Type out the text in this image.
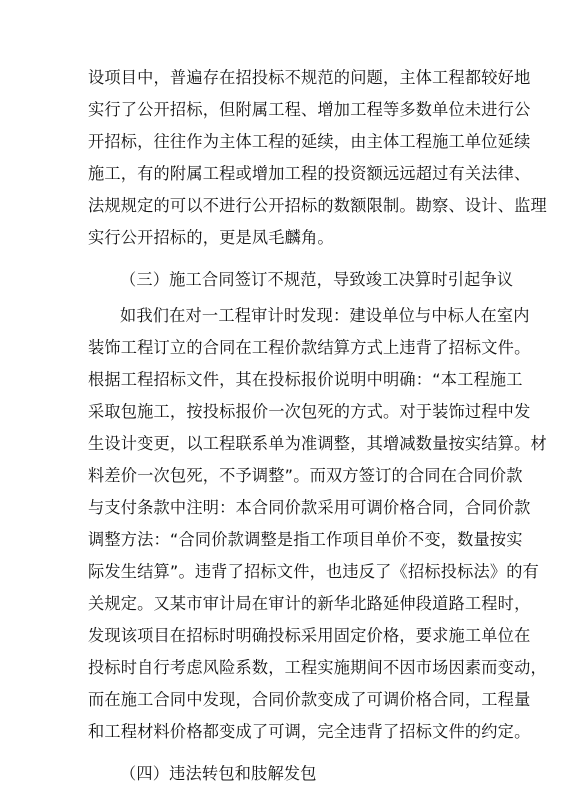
设项目中，普遍存在招投标不规范的问题，主体工程都较好地
实行了公开招标，但附属工程、增加工程等多数单位未进行公
开招标，往往作为主体工程的延续，由主体工程施工单位延续
施工，有的附属工程或增加工程的投资额远远超过有关法律、
法规规定的可以不进行公开招标的数额限制。勘察、设计、监理
实行公开招标的，更是凤毛麟角。
（三）施工合同签订不规范，导致竣工决算时引起争议
如我们在对一工程审计时发现：建设单位与中标人在室内
装饰工程订立的合同在工程价款结算方式上违背了招标文件。
根据工程招标文件，其在投标报价说明中明确：“本工程施工
采取包施工，按投标报价一次包死的方式。对于装饰过程中发
生设计变更，以工程联系单为准调整，其增减数量按实结算。材
料差价一次包死，不予调整”。而双方签订的合同在合同价款
与支付条款中注明：本合同价款采用可调价格合同，合同价款
调整方法：“合同价款调整是指工作项目单价不变，数量按实
际发生结算”。违背了招标文件，也违反了《招标投标法》的有
关规定。又某市审计局在审计的新华北路延伸段道路工程时，
发现该项目在招标时明确投标采用固定价格，要求施工单位在
投标时自行考虑风险系数，工程实施期间不因市场因素而变动，
而在施工合同中发现，合同价款变成了可调价格合同，工程量
和工程材料价格都变成了可调，完全违背了招标文件的约定。
（四）违法转包和肢解发包
